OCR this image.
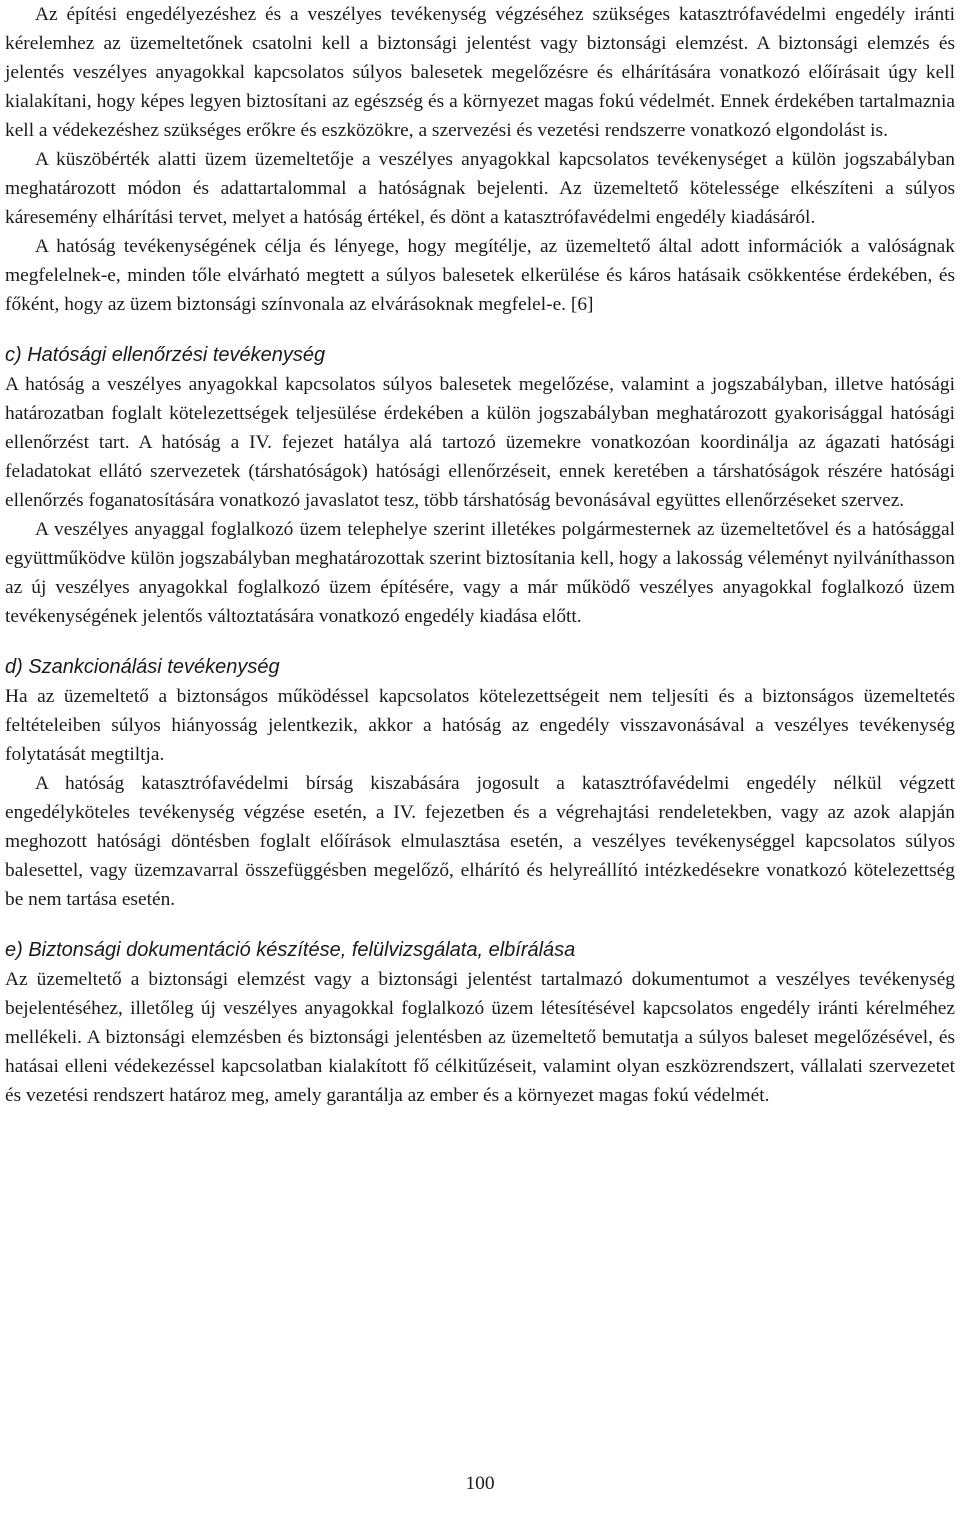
Az építési engedélyezéshez és a veszélyes tevékenység végzéséhez szükséges katasztrófavédelmi engedély iránti kérelemhez az üzemeltetőnek csatolni kell a biztonsági jelentést vagy biztonsági elemzést. A biztonsági elemzés és jelentés veszélyes anyagokkal kapcsolatos súlyos balesetek megelőzésre és elhárítására vonatkozó előírásait úgy kell kialakítani, hogy képes legyen biztosítani az egészség és a környezet magas fokú védelmét. Ennek érdekében tartalmaznia kell a védekezéshez szükséges erőkre és eszközökre, a szervezési és vezetési rendszerre vonatkozó elgondolást is.

A küszöbérték alatti üzem üzemeltetője a veszélyes anyagokkal kapcsolatos tevékenységet a külön jogszabályban meghatározott módon és adattartalommal a hatóságnak bejelenti. Az üzemeltető kötelessége elkészíteni a súlyos káresemény elhárítási tervet, melyet a hatóság értékel, és dönt a katasztrófavédelmi engedély kiadásáról.

A hatóság tevékenységének célja és lényege, hogy megítélje, az üzemeltető által adott információk a valóságnak megfelelnek-e, minden tőle elvárható megtett a súlyos balesetek elkerülése és káros hatásaik csökkentése érdekében, és főként, hogy az üzem biztonsági színvonala az elvárásoknak megfelel-e. [6]

c) Hatósági ellenőrzési tevékenység

A hatóság a veszélyes anyagokkal kapcsolatos súlyos balesetek megelőzése, valamint a jogszabályban, illetve hatósági határozatban foglalt kötelezettségek teljesülése érdekében a külön jogszabályban meghatározott gyakorisággal hatósági ellenőrzést tart. A hatóság a IV. fejezet hatálya alá tartozó üzemekre vonatkozóan koordinálja az ágazati hatósági feladatokat ellátó szervezetek (társhatóságok) hatósági ellenőrzéseit, ennek keretében a társhatóságok részére hatósági ellenőrzés foganatosítására vonatkozó javaslatot tesz, több társhatóság bevonásával együttes ellenőrzéseket szervez.

A veszélyes anyaggal foglalkozó üzem telephelye szerint illetékes polgármesternek az üzemeltetővel és a hatósággal együttműködve külön jogszabályban meghatározottak szerint biztosítania kell, hogy a lakosság véleményt nyilváníthasson az új veszélyes anyagokkal foglalkozó üzem építésére, vagy a már működő veszélyes anyagokkal foglalkozó üzem tevékenységének jelentős változtatására vonatkozó engedély kiadása előtt.

d) Szankcionálási tevékenység

Ha az üzemeltető a biztonságos működéssel kapcsolatos kötelezettségeit nem teljesíti és a biztonságos üzemeltetés feltételeiben súlyos hiányosság jelentkezik, akkor a hatóság az engedély visszavonásával a veszélyes tevékenység folytatását megtiltja.

A hatóság katasztrófavédelmi bírság kiszabására jogosult a katasztrófavédelmi engedély nélkül végzett engedélyköteles tevékenység végzése esetén, a IV. fejezetben és a végrehajtási rendeletekben, vagy az azok alapján meghozott hatósági döntésben foglalt előírások elmulasztása esetén, a veszélyes tevékenységgel kapcsolatos súlyos balesettel, vagy üzemzavarral összefüggésben megelőző, elhárító és helyreállító intézkedésekre vonatkozó kötelezettség be nem tartása esetén.

e) Biztonsági dokumentáció készítése, felülvizsgálata, elbírálása

Az üzemeltető a biztonsági elemzést vagy a biztonsági jelentést tartalmazó dokumentumot a veszélyes tevékenység bejelentéséhez, illetőleg új veszélyes anyagokkal foglalkozó üzem létesítésével kapcsolatos engedély iránti kérelméhez mellékeli. A biztonsági elemzésben és biztonsági jelentésben az üzemeltető bemutatja a súlyos baleset megelőzésével, és hatásai elleni védekezéssel kapcsolatban kialakított fő célkitűzéseit, valamint olyan eszközrendszert, vállalati szervezetet és vezetési rendszert határoz meg, amely garantálja az ember és a környezet magas fokú védelmét.

100
